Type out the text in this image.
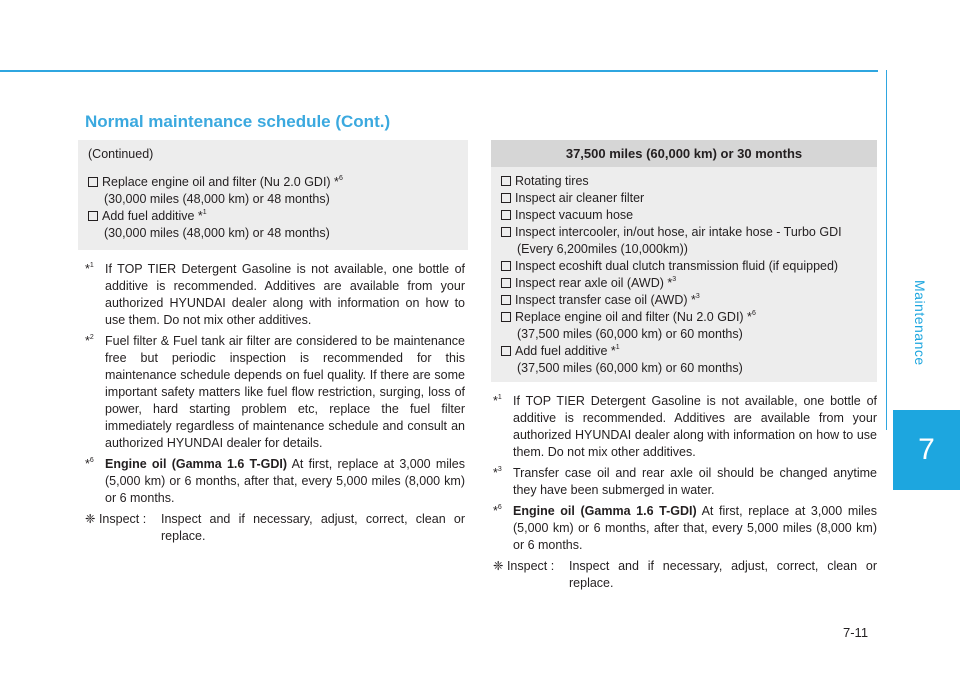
Maintenance
7
Normal maintenance schedule (Cont.)
(Continued)
Replace engine oil and filter (Nu 2.0 GDI) *$^6$
(30,000 miles (48,000 km) or 48 months)
Add fuel additive *$^1$
(30,000 miles (48,000 km) or 48 months)
37,500 miles (60,000 km) or 30 months
Rotating tires
Inspect air cleaner filter
Inspect vacuum hose
Inspect intercooler, in/out hose, air intake hose - Turbo GDI
(Every 6,200miles (10,000km))
Inspect ecoshift dual clutch transmission fluid (if equipped)
Inspect rear axle oil (AWD) *$^3$
Inspect transfer case oil (AWD) *$^3$
Replace engine oil and filter (Nu 2.0 GDI) *$^6$
(37,500 miles (60,000 km) or 60 months)
Add fuel additive *$^1$
(37,500 miles (60,000 km) or 60 months)
*$^1$ If TOP TIER Detergent Gasoline is not available, one bottle of additive is recommended. Additives are available from your authorized HYUNDAI dealer along with information on how to use them. Do not mix other additives.
*$^2$ Fuel filter & Fuel tank air filter are considered to be maintenance free but periodic inspection is recommended for this maintenance schedule depends on fuel quality. If there are some important safety matters like fuel flow restriction, surging, loss of power, hard starting problem etc, replace the fuel filter immediately regardless of maintenance schedule and consult an authorized HYUNDAI dealer for details.
*$^6$ Engine oil (Gamma 1.6 T-GDI) At first, replace at 3,000 miles (5,000 km) or 6 months, after that, every 5,000 miles (8,000 km) or 6 months.
❈ Inspect : Inspect and if necessary, adjust, correct, clean or replace.
*$^1$ If TOP TIER Detergent Gasoline is not available, one bottle of additive is recommended. Additives are available from your authorized HYUNDAI dealer along with information on how to use them. Do not mix other additives.
*$^3$ Transfer case oil and rear axle oil should be changed anytime they have been submerged in water.
*$^6$ Engine oil (Gamma 1.6 T-GDI) At first, replace at 3,000 miles (5,000 km) or 6 months, after that, every 5,000 miles (8,000 km) or 6 months.
❈ Inspect : Inspect and if necessary, adjust, correct, clean or replace.
7-11
